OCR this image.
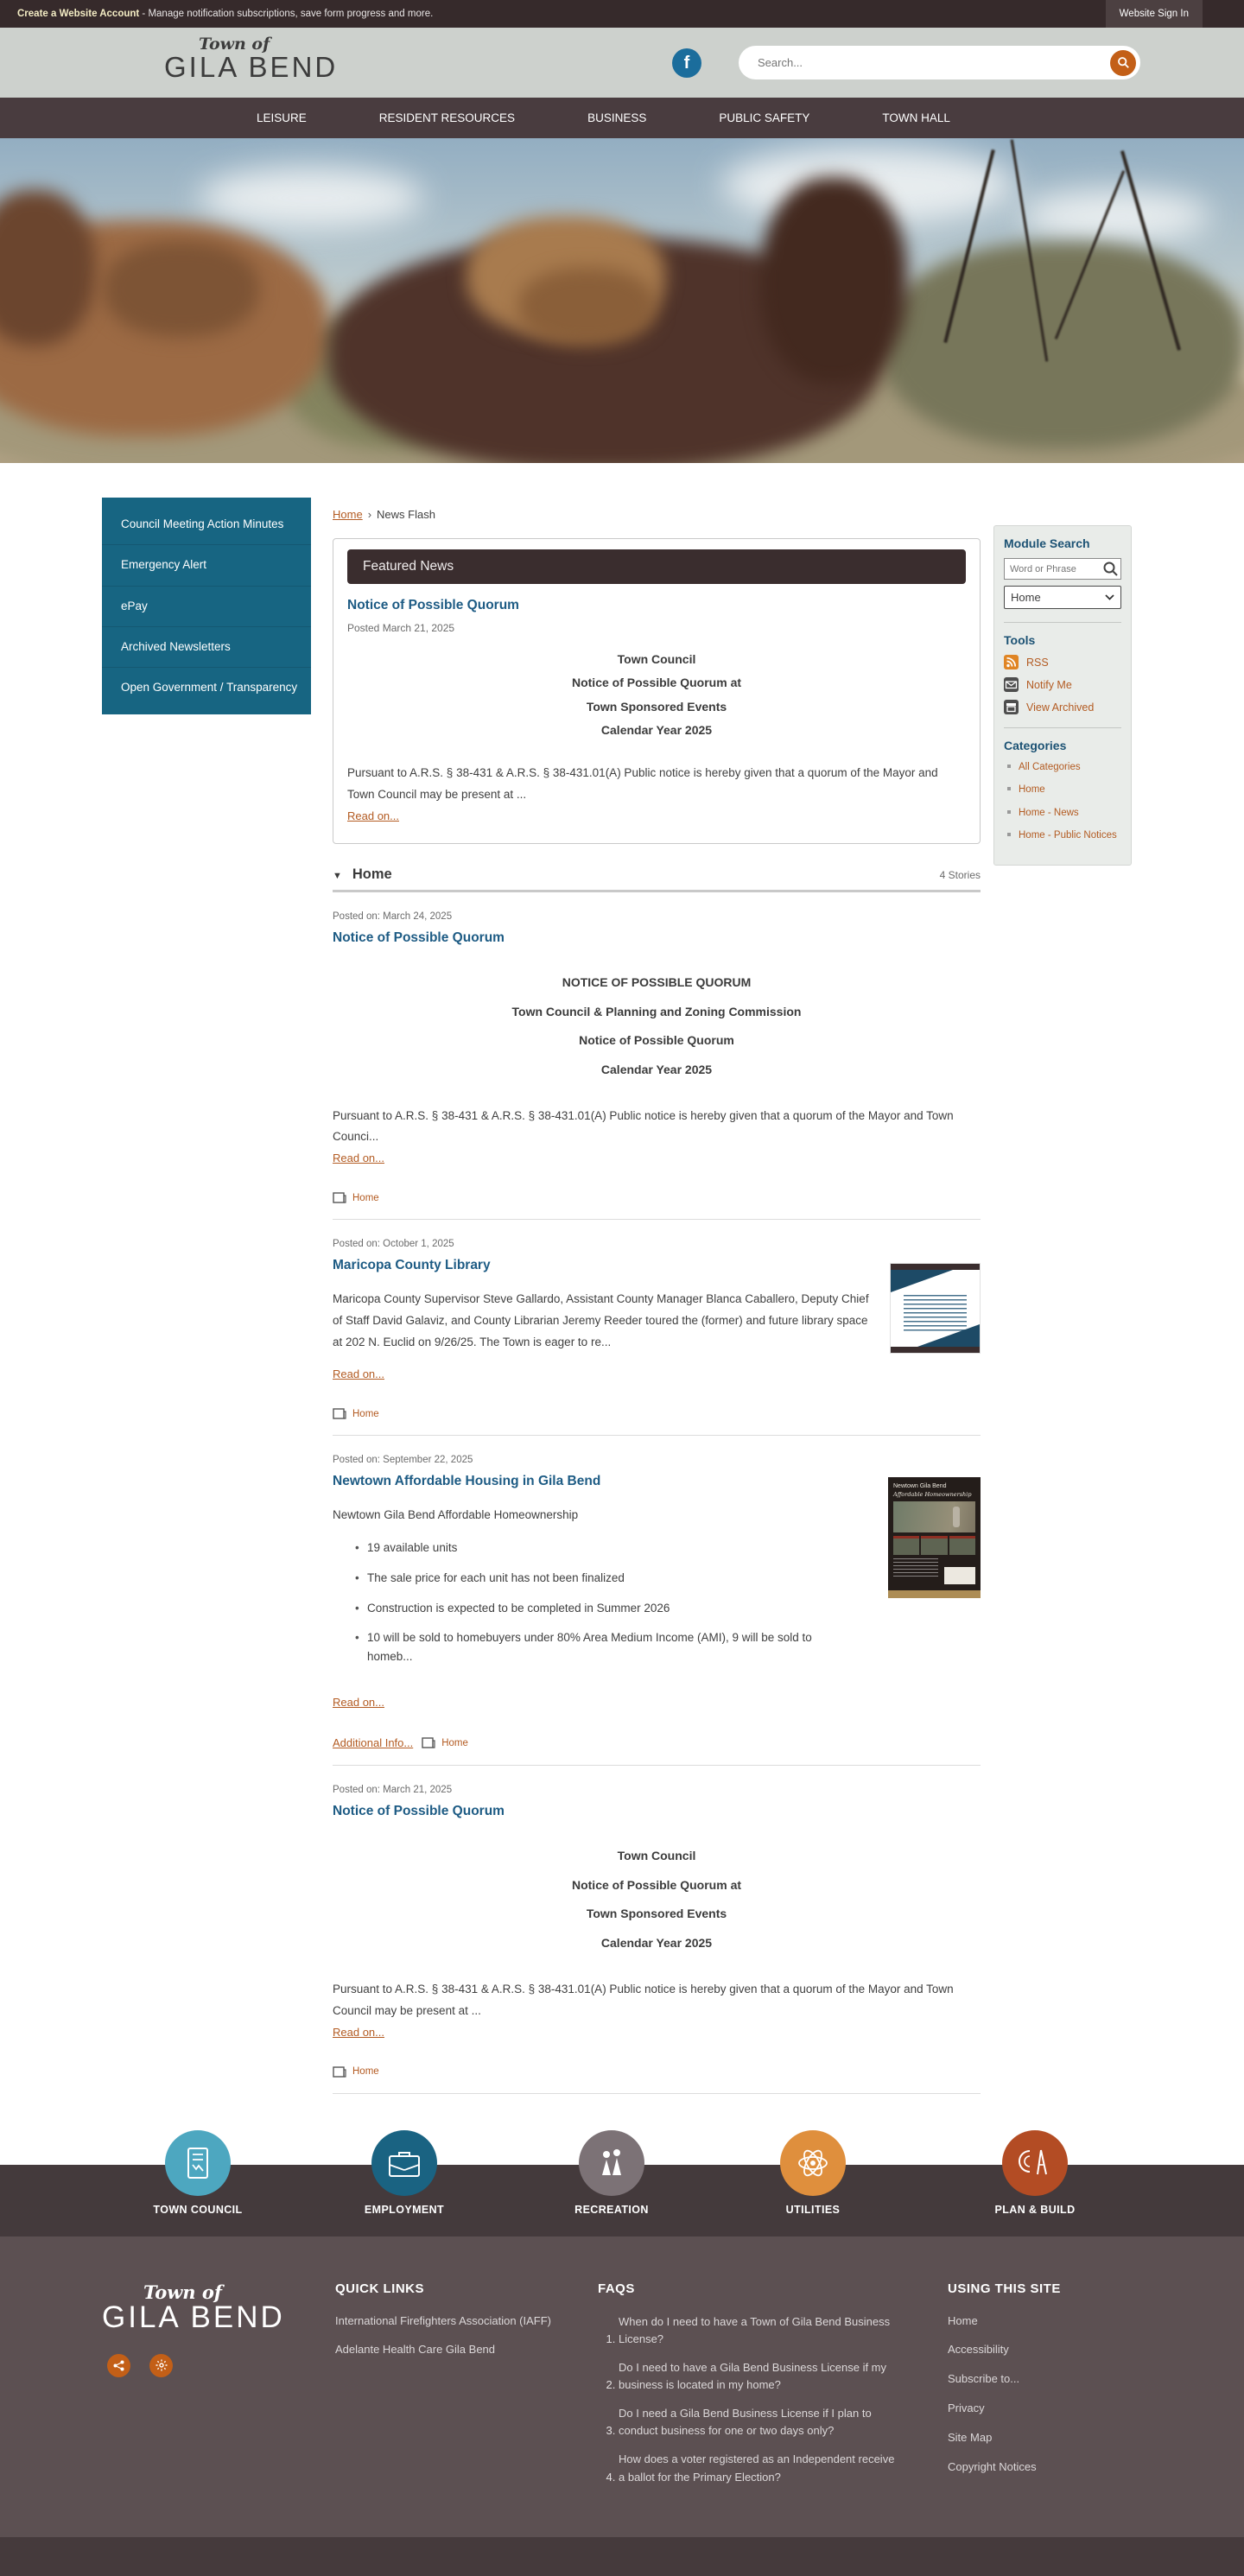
Create a Website Account - Manage notification subscriptions, save form progress and more.	Website Sign In
Town of
GILA BEND	f
Search...
LEISURE	RESIDENT RESOURCES	BUSINESS	PUBLIC SAFETY	TOWN HALL
Council Meeting Action Minutes
Emergency Alert
ePay
Archived Newsletters
Open Government / Transparency
Home › News Flash
Featured News
Notice of Possible Quorum
Posted March 21, 2025
Town Council
Notice of Possible Quorum at
Town Sponsored Events
Calendar Year 2025
Pursuant to A.R.S. § 38-431 & A.R.S. § 38-431.01(A) Public notice is hereby given that a quorum of the Mayor and Town Council may be present at ...
Read on...
▼ Home	4 Stories
Posted on: March 24, 2025
Notice of Possible Quorum
NOTICE OF POSSIBLE QUORUM
Town Council & Planning and Zoning Commission
Notice of Possible Quorum
Calendar Year 2025
Pursuant to A.R.S. § 38-431 & A.R.S. § 38-431.01(A) Public notice is hereby given that a quorum of the Mayor and Town Counci...
Read on...
Home
Posted on: October 1, 2025
Maricopa County Library
Maricopa County Supervisor Steve Gallardo, Assistant County Manager Blanca Caballero, Deputy Chief of Staff David Galaviz, and County Librarian Jeremy Reeder toured the (former) and future library space at 202 N. Euclid on 9/26/25. The Town is eager to re...
Read on...
Home
Posted on: September 22, 2025
Newtown Affordable Housing in Gila Bend	Newtown Gila Bend
Affordable Homeownership
Newtown Gila Bend Affordable Homeownership
• 19 available units
• The sale price for each unit has not been finalized
• Construction is expected to be completed in Summer 2026
• 10 will be sold to homebuyers under 80% Area Medium Income (AMI), 9 will be sold to homeb...
Read on...
Additional Info...	Home
Posted on: March 21, 2025
Notice of Possible Quorum
Town Council
Notice of Possible Quorum at
Town Sponsored Events
Calendar Year 2025
Pursuant to A.R.S. § 38-431 & A.R.S. § 38-431.01(A) Public notice is hereby given that a quorum of the Mayor and Town Council may be present at ...
Read on...
Home
Module Search
Word or Phrase
Home
Tools
RSS
Notify Me
View Archived
Categories
All Categories
Home
Home - News
Home - Public Notices
TOWN COUNCIL	EMPLOYMENT	RECREATION	UTILITIES	PLAN & BUILD
Town of
GILA BEND
QUICK LINKS
International Firefighters Association (IAFF)
Adelante Health Care Gila Bend
FAQS
1. When do I need to have a Town of Gila Bend Business License?
2. Do I need to have a Gila Bend Business License if my business is located in my home?
3. Do I need a Gila Bend Business License if I plan to conduct business for one or two days only?
4. How does a voter registered as an Independent receive a ballot for the Primary Election?
USING THIS SITE
Home
Accessibility
Subscribe to...
Privacy
Site Map
Copyright Notices
